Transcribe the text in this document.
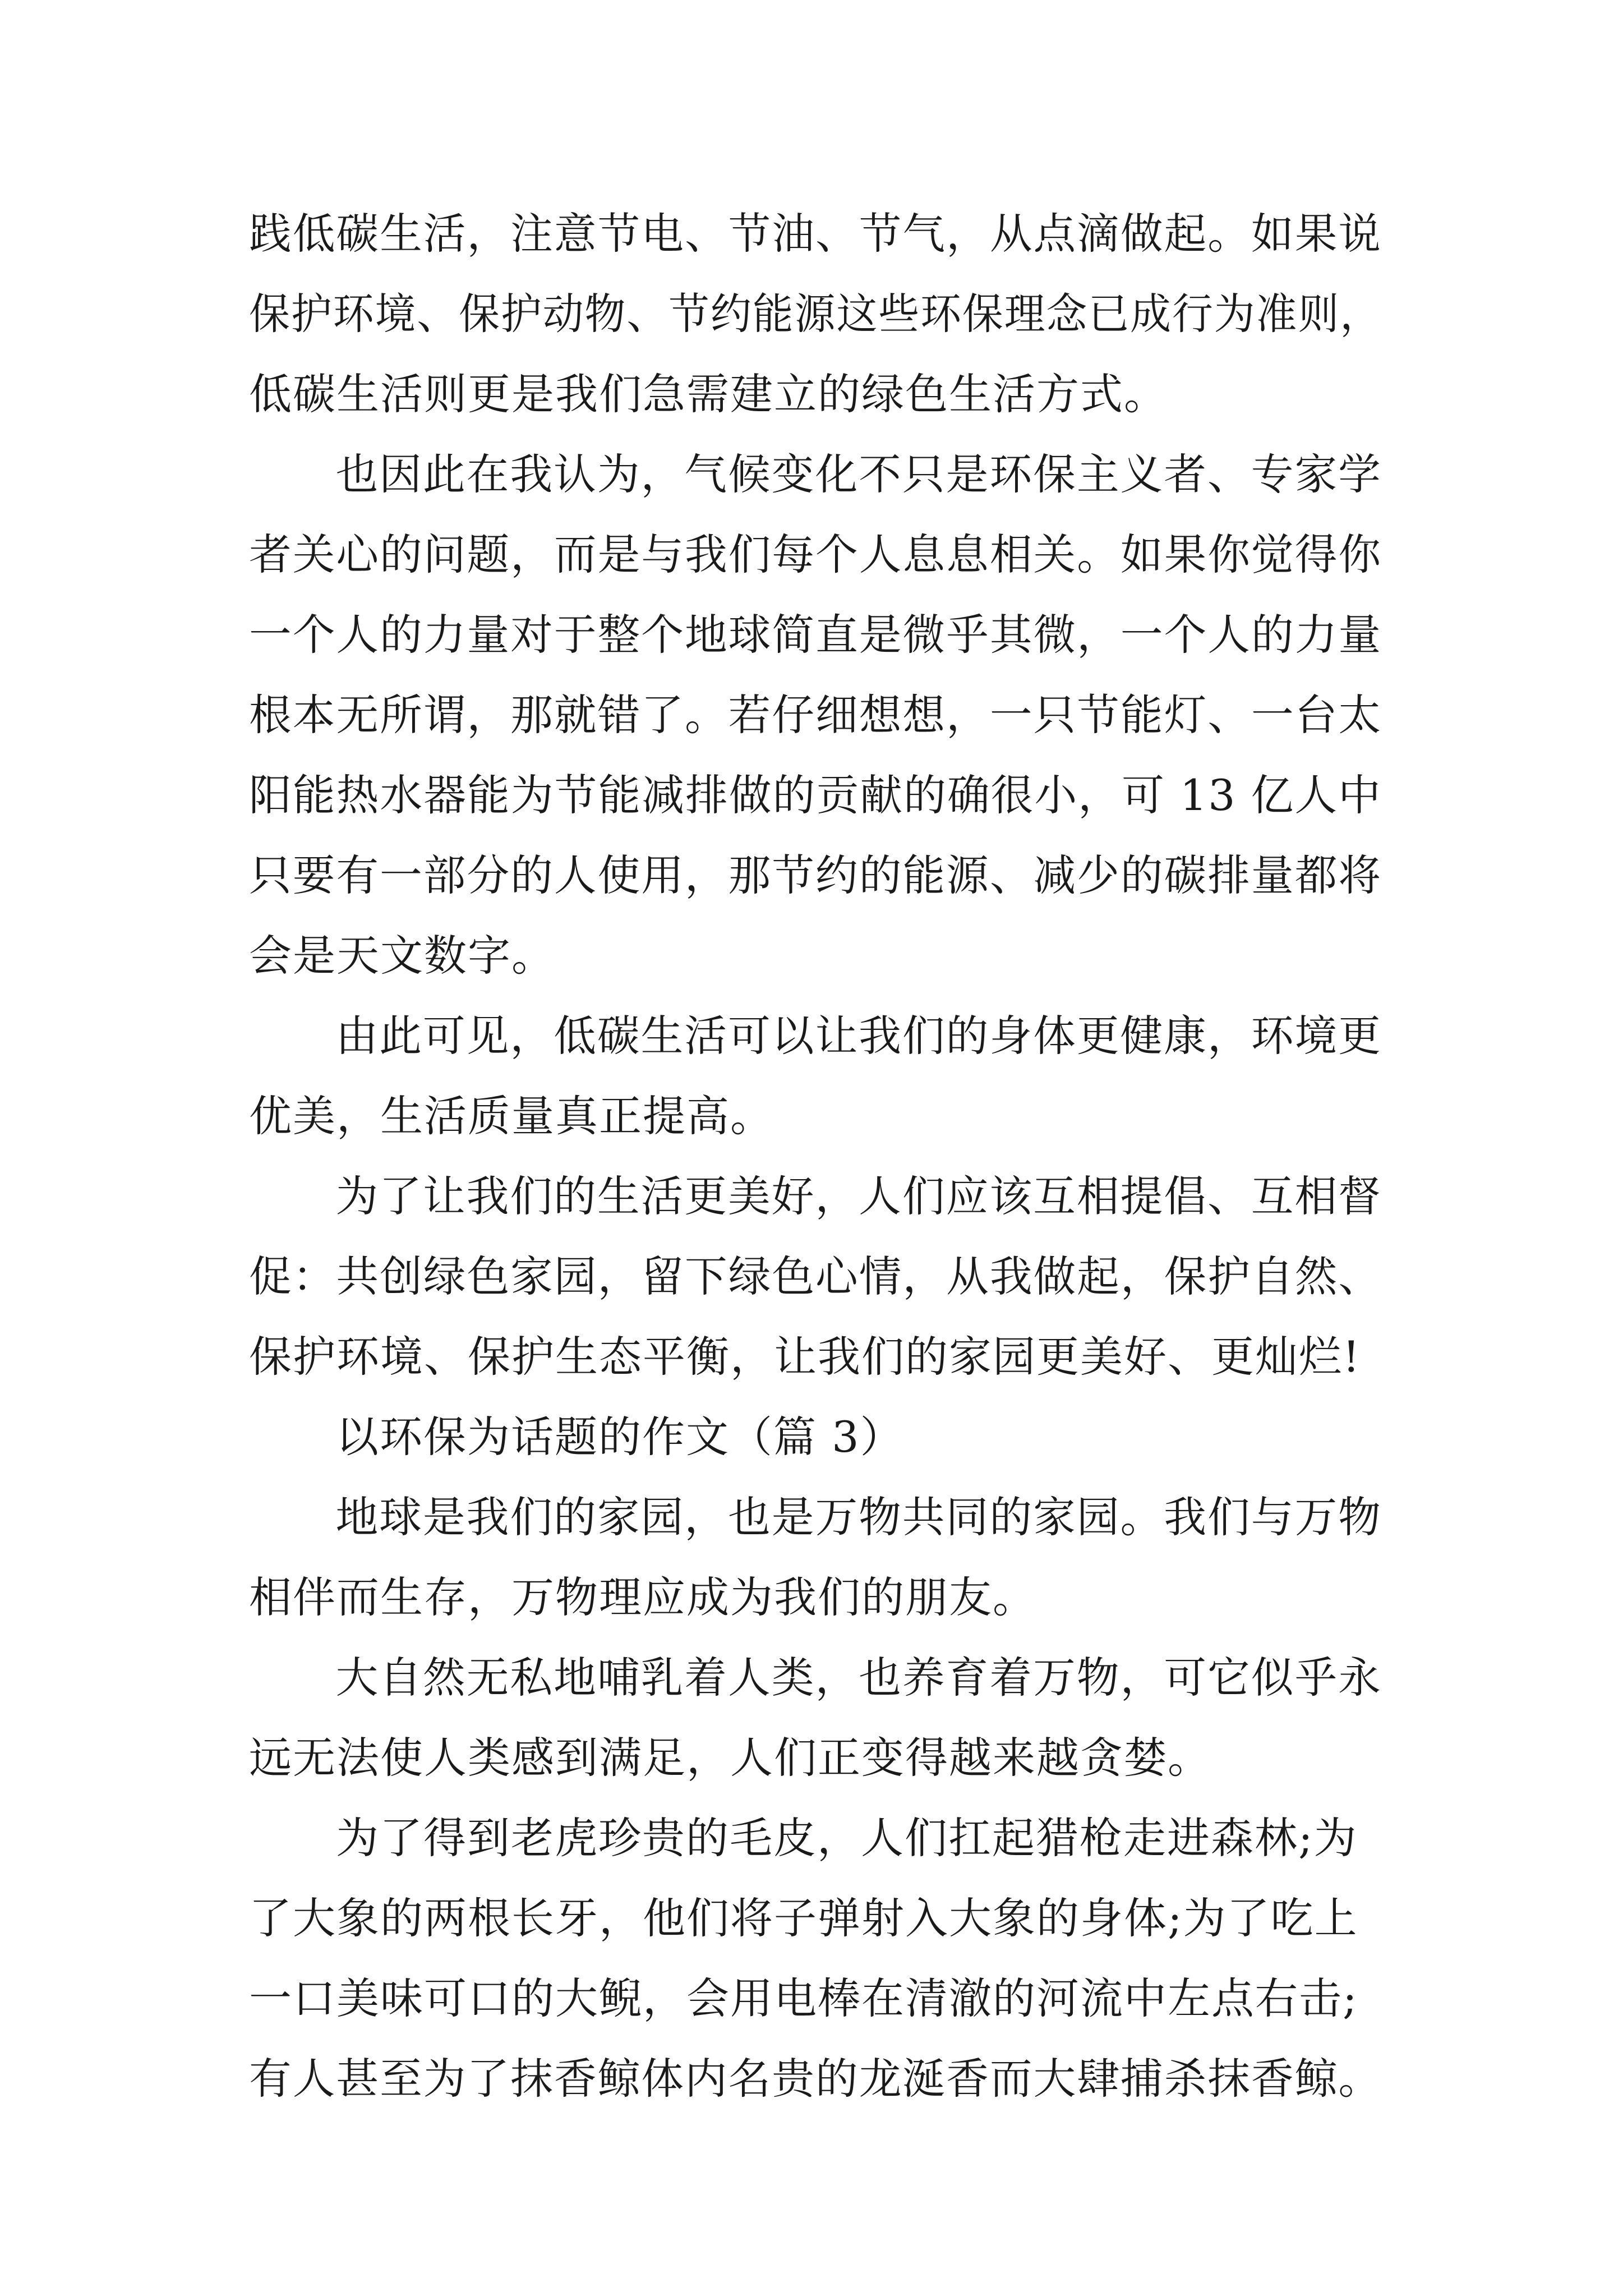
践低碳生活，注意节电、节油、节气，从点滴做起。如果说
保护环境、保护动物、节约能源这些环保理念已成行为准则，
低碳生活则更是我们急需建立的绿色生活方式。
也因此在我认为，气候变化不只是环保主义者、专家学
者关心的问题，而是与我们每个人息息相关。如果你觉得你
一个人的力量对于整个地球简直是微乎其微，一个人的力量
根本无所谓，那就错了。若仔细想想，一只节能灯、一台太
阳能热水器能为节能减排做的贡献的确很小，可 13 亿人中
只要有一部分的人使用，那节约的能源、减少的碳排量都将
会是天文数字。
由此可见，低碳生活可以让我们的身体更健康，环境更
优美，生活质量真正提高。
为了让我们的生活更美好，人们应该互相提倡、互相督
促：共创绿色家园，留下绿色心情，从我做起，保护自然、
保护环境、保护生态平衡，让我们的家园更美好、更灿烂!
以环保为话题的作文（篇 3）
地球是我们的家园，也是万物共同的家园。我们与万物
相伴而生存，万物理应成为我们的朋友。
大自然无私地哺乳着人类，也养育着万物，可它似乎永
远无法使人类感到满足，人们正变得越来越贪婪。
为了得到老虎珍贵的毛皮，人们扛起猎枪走进森林;为
了大象的两根长牙，他们将子弹射入大象的身体;为了吃上
一口美味可口的大鲵，会用电棒在清澈的河流中左点右击;
有人甚至为了抹香鲸体内名贵的龙涎香而大肆捕杀抹香鲸。
